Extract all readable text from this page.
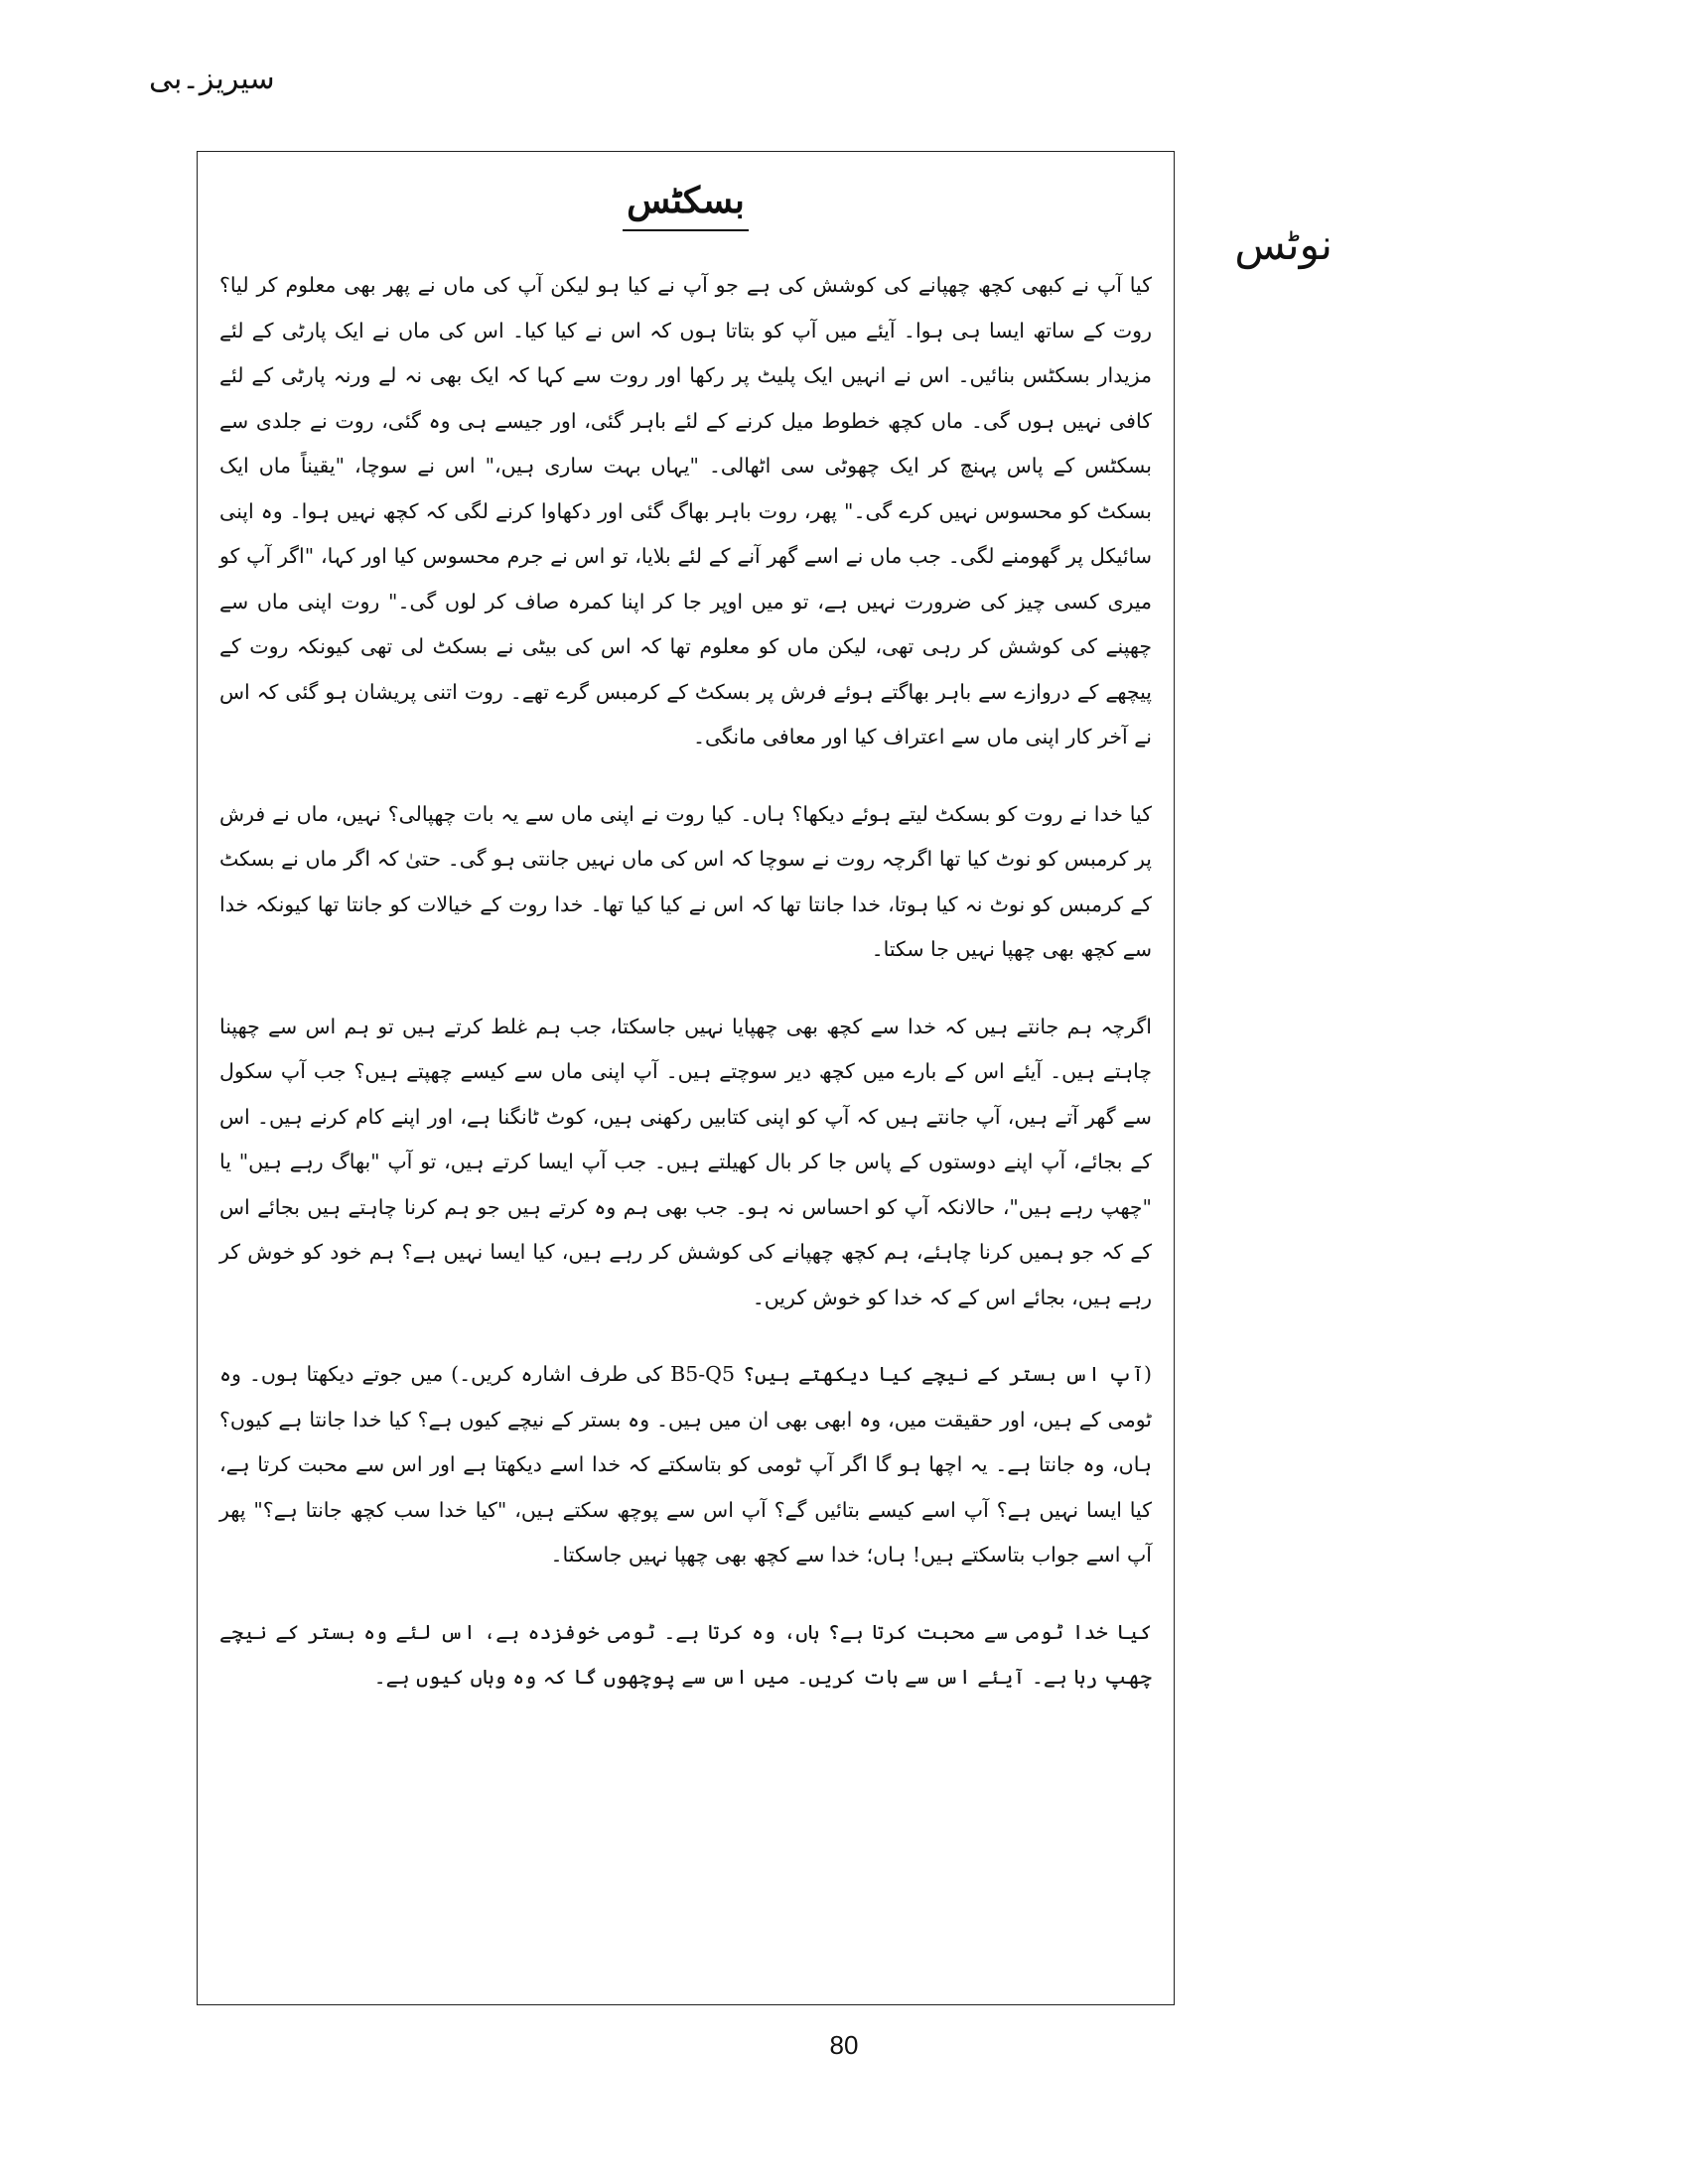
سیریز۔بی
نوٹس
بسکٹس

کیا آپ نے کبھی کچھ چھپانے کی کوشش کی ہے جو آپ نے کیا ہو لیکن آپ کی ماں نے پھر بھی معلوم کر لیا؟ روت کے ساتھ ایسا ہی ہوا۔ آیئے میں آپ کو بتاتا ہوں کہ اس نے کیا کیا۔ اس کی ماں نے ایک پارٹی کے لئے مزیدار بسکٹس بنائیں۔ اس نے انہیں ایک پلیٹ پر رکھا اور روت سے کہا کہ ایک بھی نہ لے ورنہ پارٹی کے لئے کافی نہیں ہوں گی۔ ماں کچھ خطوط میل کرنے کے لئے باہر گئی، اور جیسے ہی وہ گئی، روت نے جلدی سے بسکٹس کے پاس پہنچ کر ایک چھوٹی سی اٹھالی۔ "یہاں بہت ساری ہیں،" اس نے سوچا، "یقیناً ماں ایک بسکٹ کو محسوس نہیں کرے گی۔" پھر، روت باہر بھاگ گئی اور دکھاوا کرنے لگی کہ کچھ نہیں ہوا۔ وہ اپنی سائیکل پر گھومنے لگی۔ جب ماں نے اسے گھر آنے کے لئے بلایا، تو اس نے جرم محسوس کیا اور کہا، "اگر آپ کو میری کسی چیز کی ضرورت نہیں ہے، تو میں اوپر جا کر اپنا کمرہ صاف کر لوں گی۔" روت اپنی ماں سے چھپنے کی کوشش کر رہی تھی، لیکن ماں کو معلوم تھا کہ اس کی بیٹی نے بسکٹ لی تھی کیونکہ روت کے پیچھے کے دروازے سے باہر بھاگتے ہوئے فرش پر بسکٹ کے کرمبس گرے تھے۔ روت اتنی پریشان ہو گئی کہ اس نے آخر کار اپنی ماں سے اعتراف کیا اور معافی مانگی۔

کیا خدا نے روت کو بسکٹ لیتے ہوئے دیکھا؟ ہاں۔ کیا روت نے اپنی ماں سے یہ بات چھپالی؟ نہیں، ماں نے فرش پر کرمبس کو نوٹ کیا تھا اگرچہ روت نے سوچا کہ اس کی ماں نہیں جانتی ہو گی۔ حتیٰ کہ اگر ماں نے بسکٹ کے کرمبس کو نوٹ نہ کیا ہوتا، خدا جانتا تھا کہ اس نے کیا کیا تھا۔ خدا روت کے خیالات کو جانتا تھا کیونکہ خدا سے کچھ بھی چھپا نہیں جا سکتا۔

اگرچہ ہم جانتے ہیں کہ خدا سے کچھ بھی چھپایا نہیں جاسکتا، جب ہم غلط کرتے ہیں تو ہم اس سے چھپنا چاہتے ہیں۔ آیئے اس کے بارے میں کچھ دیر سوچتے ہیں۔ آپ اپنی ماں سے کیسے چھپتے ہیں؟ جب آپ سکول سے گھر آتے ہیں، آپ جانتے ہیں کہ آپ کو اپنی کتابیں رکھنی ہیں، کوٹ ٹانگنا ہے، اور اپنے کام کرنے ہیں۔ اس کے بجائے، آپ اپنے دوستوں کے پاس جا کر بال کھیلتے ہیں۔ جب آپ ایسا کرتے ہیں، تو آپ "بھاگ رہے ہیں" یا "چھپ رہے ہیں"، حالانکہ آپ کو احساس نہ ہو۔ جب بھی ہم وہ کرتے ہیں جو ہم کرنا چاہتے ہیں بجائے اس کے کہ جو ہمیں کرنا چاہئے، ہم کچھ چھپانے کی کوشش کر رہے ہیں، کیا ایسا نہیں ہے؟ ہم خود کو خوش کر رہے ہیں، بجائے اس کے کہ خدا کو خوش کریں۔

(آپ اس بستر کے نیچے کیا دیکھتے ہیں؟ B5-Q5 کی طرف اشارہ کریں۔) میں جوتے دیکھتا ہوں۔ وہ ٹومی کے ہیں، اور حقیقت میں، وہ ابھی بھی ان میں ہیں۔ وہ بستر کے نیچے کیوں ہے؟ کیا خدا جانتا ہے کیوں؟ ہاں، وہ جانتا ہے۔ یہ اچھا ہو گا اگر آپ ٹومی کو بتاسکتے کہ خدا اسے دیکھتا ہے اور اس سے محبت کرتا ہے، کیا ایسا نہیں ہے؟ آپ اسے کیسے بتائیں گے؟ آپ اس سے پوچھ سکتے ہیں، "کیا خدا سب کچھ جانتا ہے؟" پھر آپ اسے جواب بتاسکتے ہیں! ہاں؛ خدا سے کچھ بھی چھپا نہیں جاسکتا۔

کیا خدا ٹومی سے محبت کرتا ہے؟ ہاں، وہ کرتا ہے۔ ٹومی خوفزدہ ہے، اس لئے وہ بستر کے نیچے چھپ رہا ہے۔ آیئے اس سے بات کریں۔ میں اس سے پوچھوں گا کہ وہ وہاں کیوں ہے۔

80
